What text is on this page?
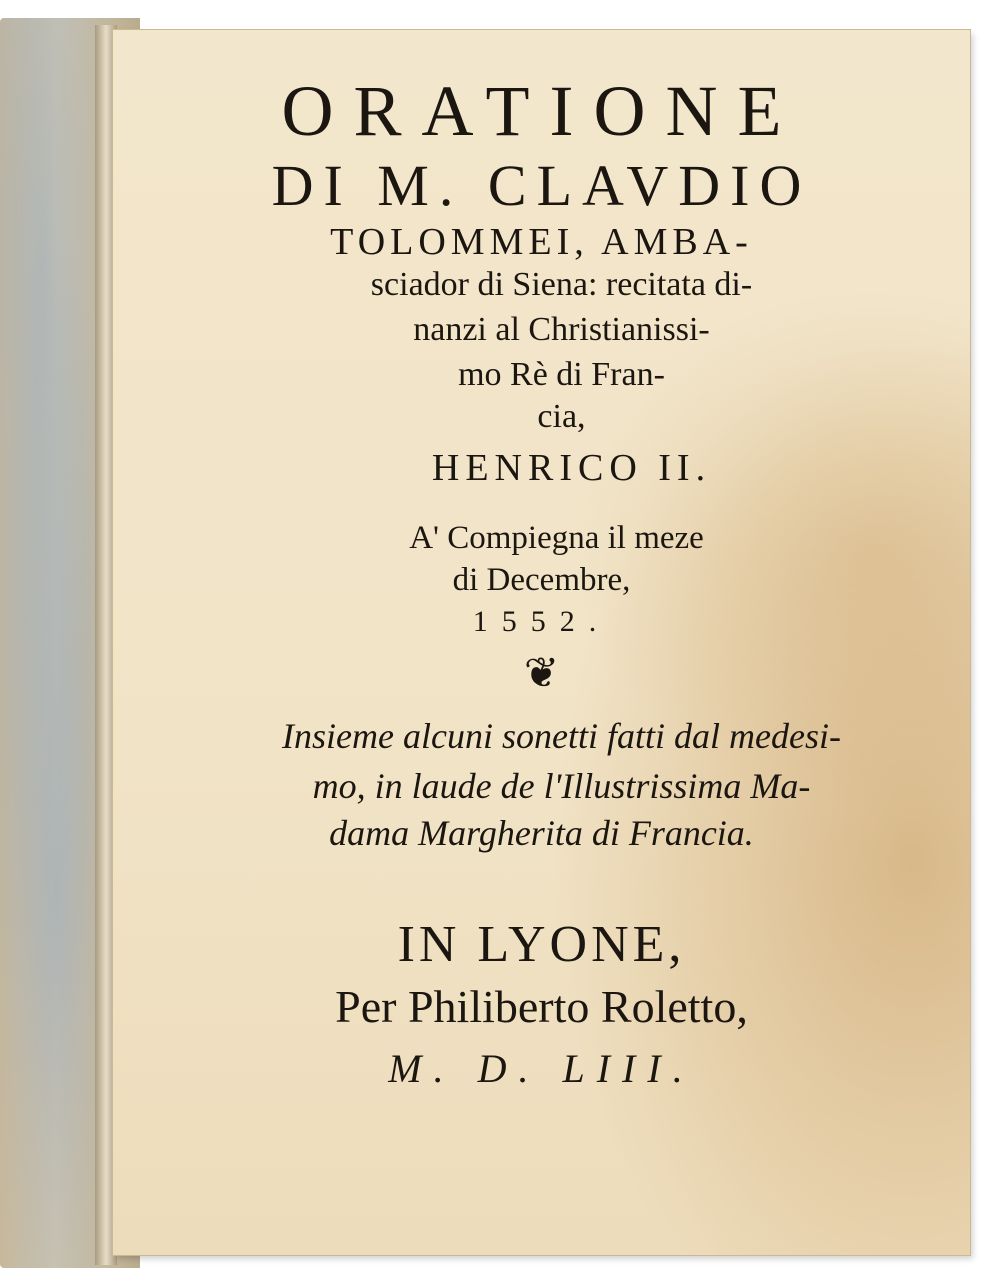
ORATIONE
DI M. CLAVDIO
TOLOMMEI, AMBA-
sciador di Siena: recitata di-
nanzi al Christianissi-
mo Rè di Fran-
cia,
HENRICO II.
A' Compiegna il meze
di Decembre,
1552.
❦
Insieme alcuni sonetti fatti dal medesi-
mo, in laude de l'Illustrissima Ma-
dama Margherita di Francia.
IN LYONE,
Per Philiberto Roletto,
M. D. LIII.
